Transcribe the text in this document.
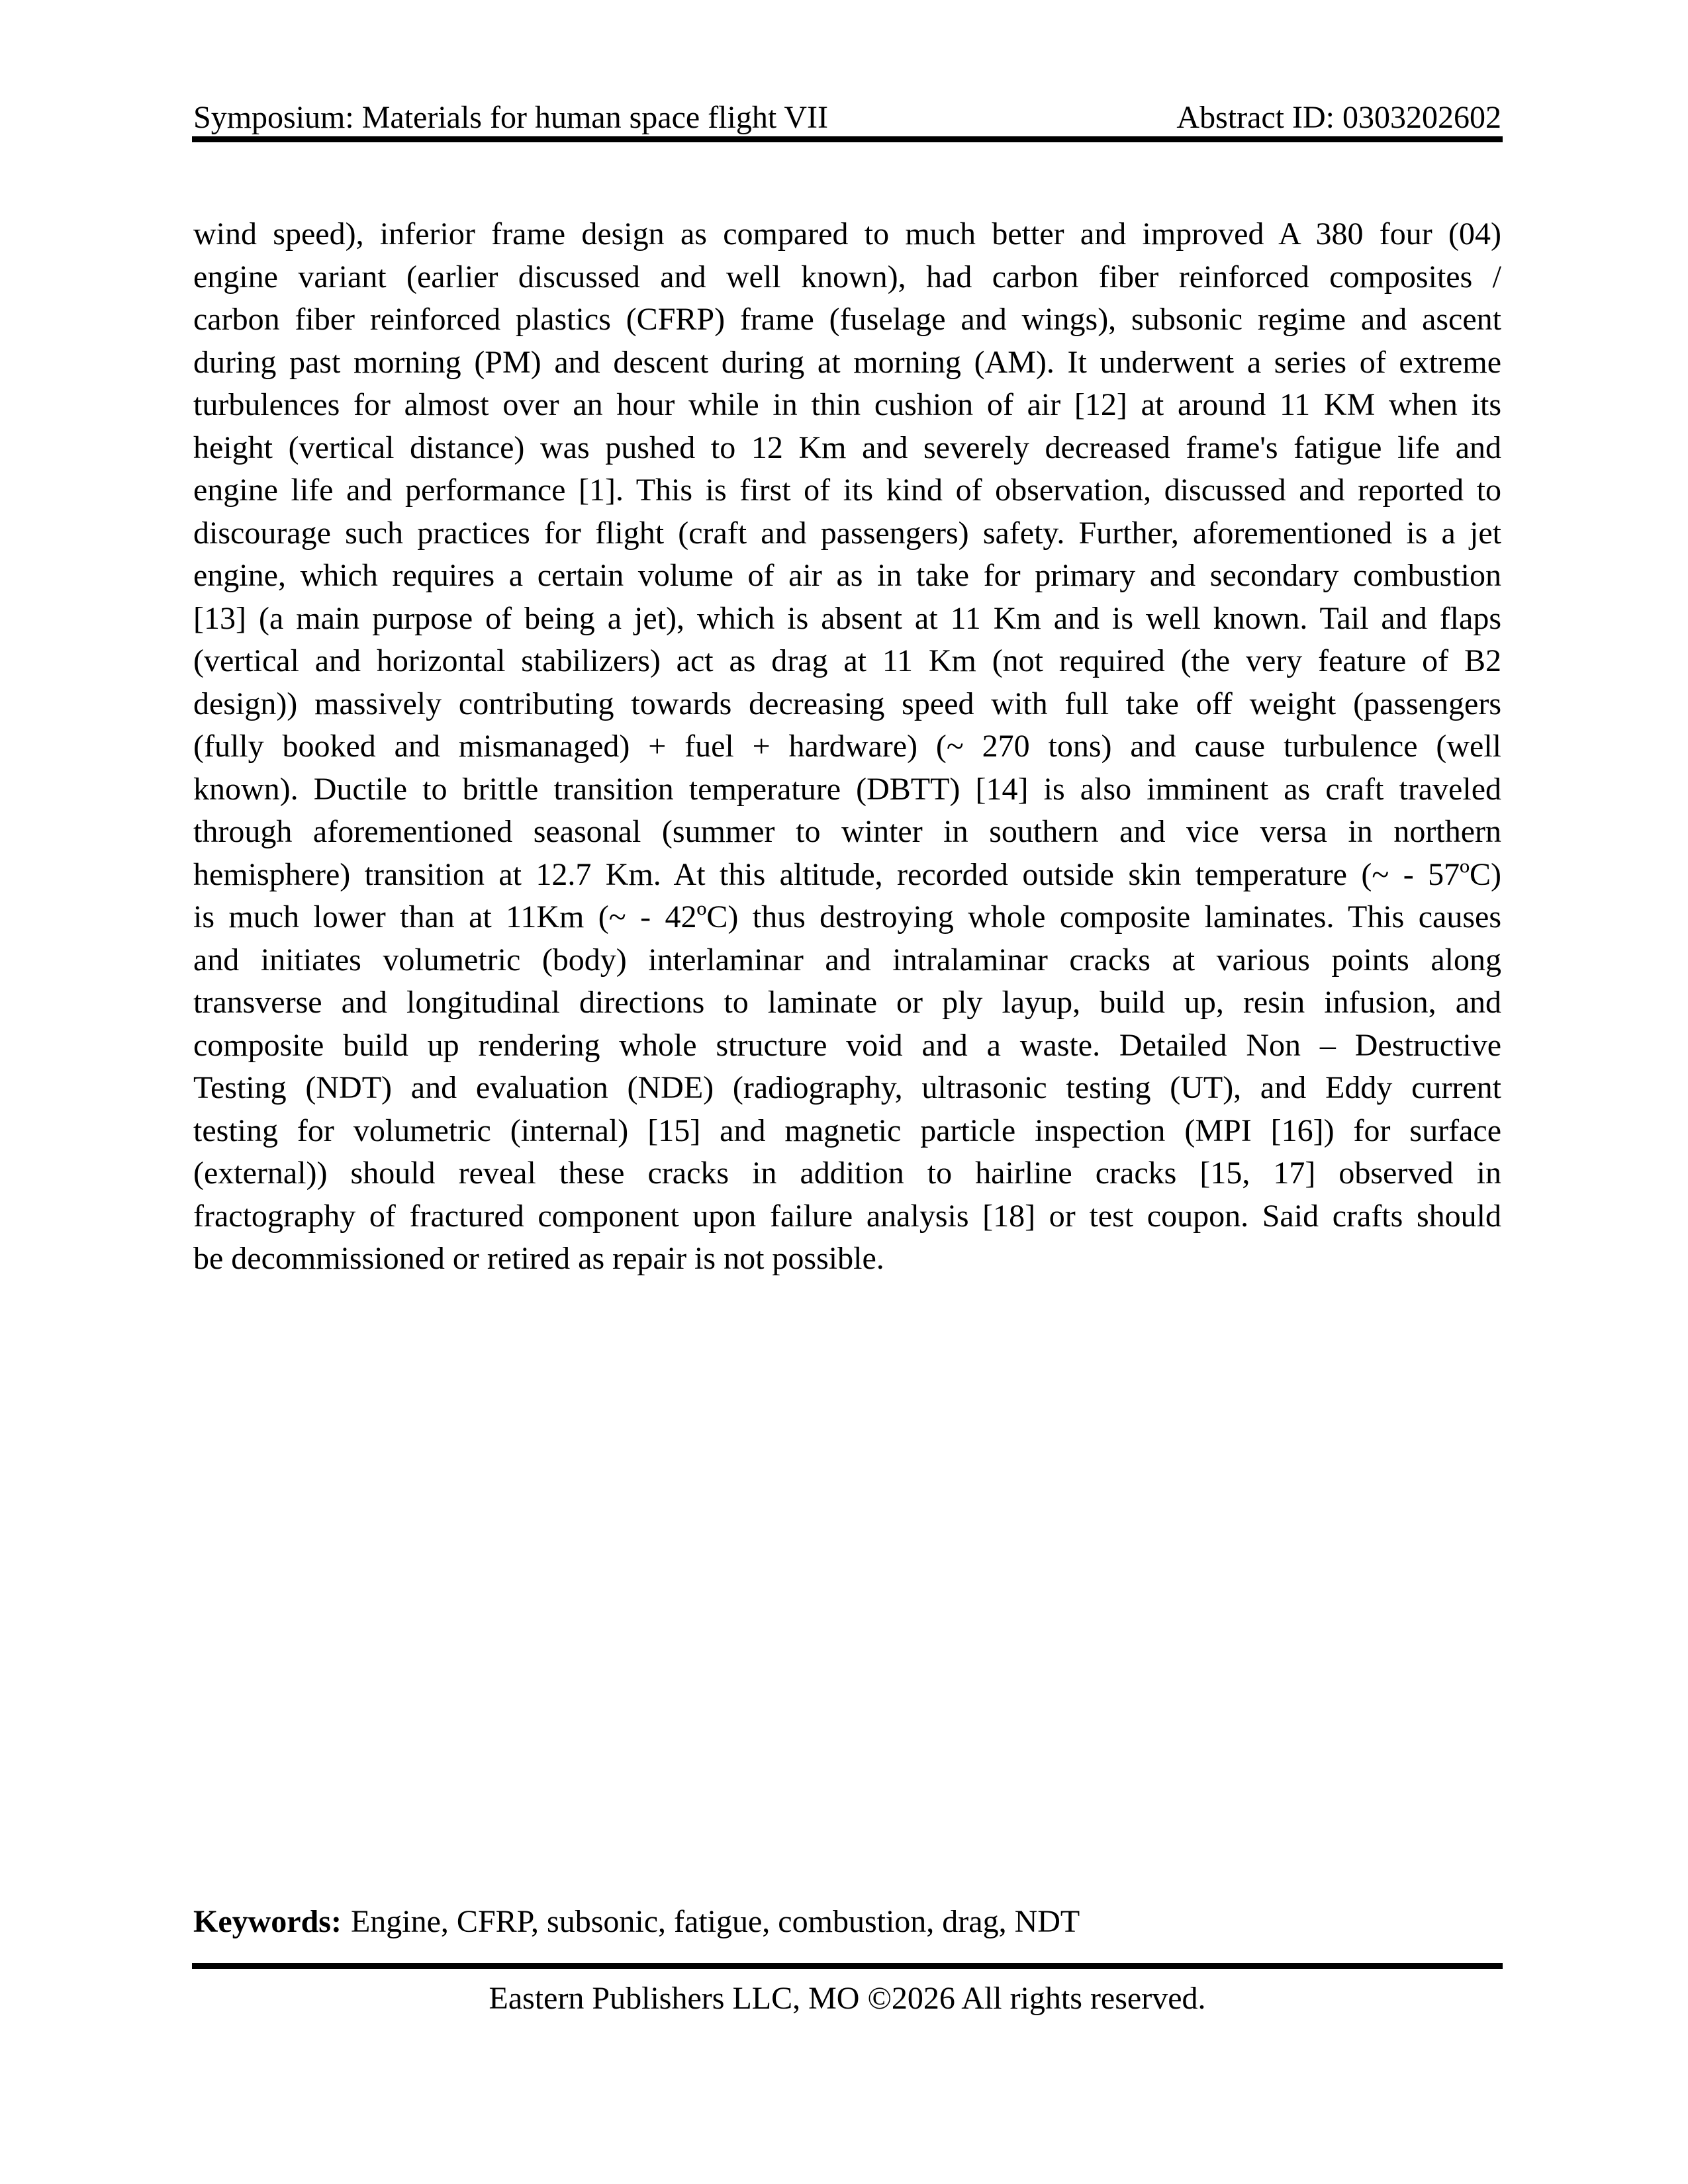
Symposium: Materials for human space flight VII	Abstract ID: 0303202602
wind speed), inferior frame design as compared to much better and improved A 380 four (04)
engine variant (earlier discussed and well known), had carbon fiber reinforced composites /
carbon fiber reinforced plastics (CFRP) frame (fuselage and wings), subsonic regime and ascent
during past morning (PM) and descent during at morning (AM). It underwent a series of extreme
turbulences for almost over an hour while in thin cushion of air [12] at around 11 KM when its
height (vertical distance) was pushed to 12 Km and severely decreased frame's fatigue life and
engine life and performance [1]. This is first of its kind of observation, discussed and reported to
discourage such practices for flight (craft and passengers) safety. Further, aforementioned is a jet
engine, which requires a certain volume of air as in take for primary and secondary combustion
[13] (a main purpose of being a jet), which is absent at 11 Km and is well known. Tail and flaps
(vertical and horizontal stabilizers) act as drag at 11 Km (not required (the very feature of B2
design)) massively contributing towards decreasing speed with full take off weight (passengers
(fully booked and mismanaged) + fuel + hardware) (~ 270 tons) and cause turbulence (well
known). Ductile to brittle transition temperature (DBTT) [14] is also imminent as craft traveled
through aforementioned seasonal (summer to winter in southern and vice versa in northern
hemisphere) transition at 12.7 Km. At this altitude, recorded outside skin temperature (~ - 57ºC)
is much lower than at 11Km (~ - 42ºC) thus destroying whole composite laminates. This causes
and initiates volumetric (body) interlaminar and intralaminar cracks at various points along
transverse and longitudinal directions to laminate or ply layup, build up, resin infusion, and
composite build up rendering whole structure void and a waste. Detailed Non – Destructive
Testing (NDT) and evaluation (NDE) (radiography, ultrasonic testing (UT), and Eddy current
testing for volumetric (internal) [15] and magnetic particle inspection (MPI [16]) for surface
(external)) should reveal these cracks in addition to hairline cracks [15, 17] observed in
fractography of fractured component upon failure analysis [18] or test coupon. Said crafts should
be decommissioned or retired as repair is not possible.

Keywords: Engine, CFRP, subsonic, fatigue, combustion, drag, NDT

Eastern Publishers LLC, MO ©2026 All rights reserved.
